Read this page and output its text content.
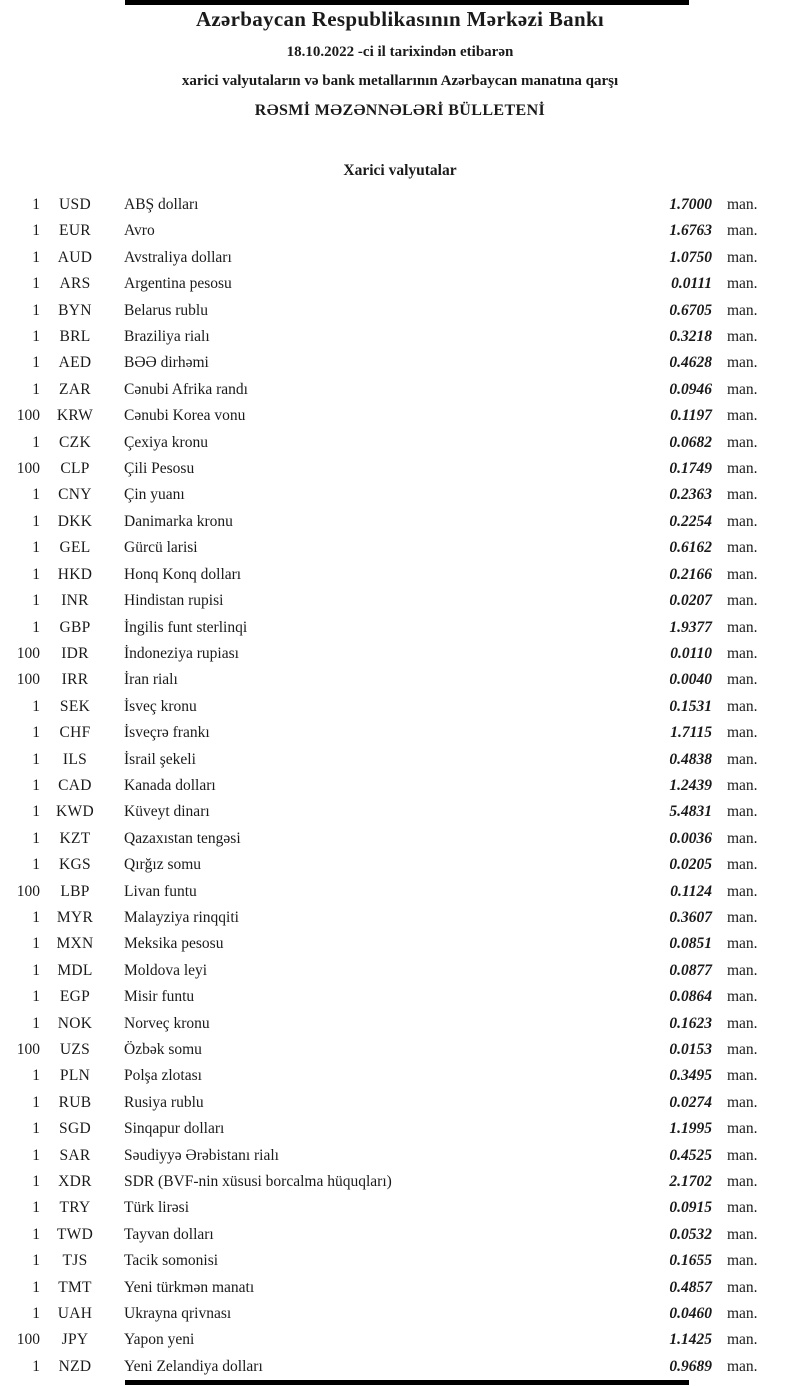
Azərbaycan Respublikasının Mərkəzi Bankı
18.10.2022 -ci il tarixindən etibarən
xarici valyutaların və bank metallarının Azərbaycan manatına qarşı
RƏSMİ MƏZƏNNƏLƏRİ BÜLLETENİ
Xarici valyutalar
1	USD	ABŞ dolları	1.7000 man.
1	EUR	Avro	1.6763 man.
1	AUD	Avstraliya dolları	1.0750 man.
1	ARS	Argentina pesosu	0.0111 man.
1	BYN	Belarus rublu	0.6705 man.
1	BRL	Braziliya rialı	0.3218 man.
1	AED	BƏƏ dirhəmi	0.4628 man.
1	ZAR	Cənubi Afrika randı	0.0946 man.
100	KRW	Cənubi Korea vonu	0.1197 man.
1	CZK	Çexiya kronu	0.0682 man.
100	CLP	Çili Pesosu	0.1749 man.
1	CNY	Çin yuanı	0.2363 man.
1	DKK	Danimarka kronu	0.2254 man.
1	GEL	Gürcü larisi	0.6162 man.
1	HKD	Honq Konq dolları	0.2166 man.
1	INR	Hindistan rupisi	0.0207 man.
1	GBP	İngilis funt sterlinqi	1.9377 man.
100	IDR	İndoneziya rupiası	0.0110 man.
100	IRR	İran rialı	0.0040 man.
1	SEK	İsveç kronu	0.1531 man.
1	CHF	İsveçrə frankı	1.7115 man.
1	ILS	İsrail şekeli	0.4838 man.
1	CAD	Kanada dolları	1.2439 man.
1	KWD	Küveyt dinarı	5.4831 man.
1	KZT	Qazaxıstan tengəsi	0.0036 man.
1	KGS	Qırğız somu	0.0205 man.
100	LBP	Livan funtu	0.1124 man.
1	MYR	Malayziya rinqqiti	0.3607 man.
1	MXN	Meksika pesosu	0.0851 man.
1	MDL	Moldova leyi	0.0877 man.
1	EGP	Misir funtu	0.0864 man.
1	NOK	Norveç kronu	0.1623 man.
100	UZS	Özbək somu	0.0153 man.
1	PLN	Polşa zlotası	0.3495 man.
1	RUB	Rusiya rublu	0.0274 man.
1	SGD	Sinqapur dolları	1.1995 man.
1	SAR	Səudiyyə Ərəbistanı rialı	0.4525 man.
1	XDR	SDR (BVF-nin xüsusi borcalma hüquqları)	2.1702 man.
1	TRY	Türk lirəsi	0.0915 man.
1	TWD	Tayvan dolları	0.0532 man.
1	TJS	Tacik somonisi	0.1655 man.
1	TMT	Yeni türkmən manatı	0.4857 man.
1	UAH	Ukrayna qrivnası	0.0460 man.
100	JPY	Yapon yeni	1.1425 man.
1	NZD	Yeni Zelandiya dolları	0.9689 man.
